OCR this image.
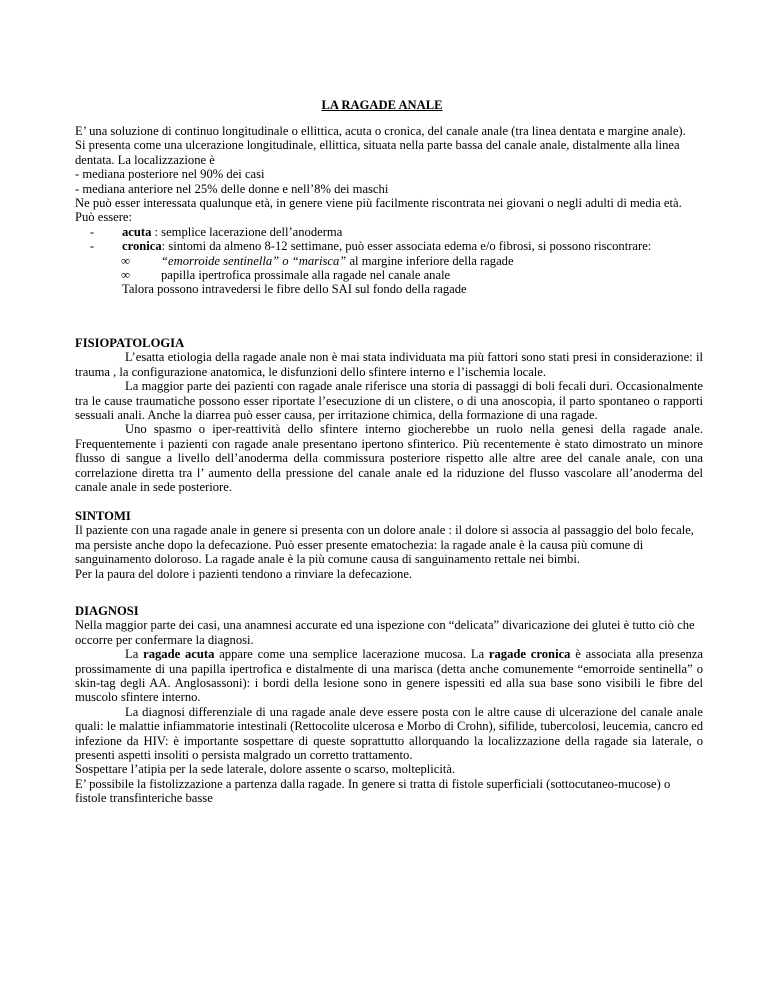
LA RAGADE ANALE

E’ una soluzione di continuo longitudinale o ellittica, acuta o cronica, del canale anale (tra linea dentata e margine anale).

Si presenta come una ulcerazione longitudinale, ellittica, situata nella parte bassa del canale anale, distalmente alla linea dentata. La localizzazione è

- mediana posteriore nel 90% dei casi

- mediana anteriore nel 25% delle donne e nell’8% dei maschi

Ne può esser interessata qualunque età, in genere viene più facilmente riscontrata nei giovani o negli adulti di media età.

Può essere:

- acuta : semplice lacerazione dell’anoderma

- cronica: sintomi da almeno 8-12 settimane, può esser associata edema e/o fibrosi, si possono riscontrare:

∞ “emorroide sentinella” o “marisca” al margine inferiore della ragade

∞ papilla ipertrofica prossimale alla ragade nel canale anale

Talora possono intravedersi le fibre dello SAI sul fondo della ragade

FISIOPATOLOGIA

L’esatta etiologia della ragade anale non è mai stata individuata ma più fattori sono stati presi in considerazione: il trauma , la configurazione anatomica, le disfunzioni dello sfintere interno e l’ischemia locale.

La maggior parte dei pazienti con ragade anale riferisce una storia di passaggi di boli fecali duri. Occasionalmente tra le cause traumatiche possono esser riportate l’esecuzione di un clistere, o di una anoscopia, il parto spontaneo o rapporti sessuali anali. Anche la diarrea può esser causa, per irritazione chimica, della formazione di una ragade.

Uno spasmo o iper-reattività dello sfintere interno giocherebbe un ruolo nella genesi della ragade anale. Frequentemente i pazienti con ragade anale presentano ipertono sfinterico. Più recentemente è stato dimostrato un minore flusso di sangue a livello dell’anoderma della commissura posteriore rispetto alle altre aree del canale anale, con una correlazione diretta tra l’ aumento della pressione del canale anale ed la riduzione del flusso vascolare all’anoderma del canale anale in sede posteriore.

SINTOMI

Il paziente con una ragade anale in genere si presenta con un dolore anale : il dolore si associa al passaggio del bolo fecale, ma persiste anche dopo la defecazione. Può esser presente ematochezia: la ragade anale è la causa più comune di sanguinamento doloroso. La ragade anale è la più comune causa di sanguinamento rettale nei bimbi.

Per la paura del dolore i pazienti tendono a rinviare la defecazione.

DIAGNOSI

Nella maggior parte dei casi, una anamnesi accurate ed una ispezione con “delicata” divaricazione dei glutei è tutto ciò che occorre per confermare la diagnosi.

La ragade acuta appare come una semplice lacerazione mucosa. La ragade cronica è associata alla presenza prossimamente di una papilla ipertrofica e distalmente di una marisca (detta anche comunemente “emorroide sentinella” o skin-tag degli AA. Anglosassoni): i bordi della lesione sono in genere ispessiti ed alla sua base sono visibili le fibre del muscolo sfintere interno.

La diagnosi differenziale di una ragade anale deve essere posta con le altre cause di ulcerazione del canale anale quali: le malattie infiammatorie intestinali (Rettocolite ulcerosa e Morbo di Crohn), sifilide, tubercolosi, leucemia, cancro ed infezione da HIV: è importante sospettare di queste soprattutto allorquando la localizzazione della ragade sia laterale, o presenti aspetti insoliti o persista malgrado un corretto trattamento.

Sospettare l’atipia per la sede laterale, dolore assente o scarso, molteplicità.

E’ possibile la fistolizzazione a partenza dalla ragade. In genere si tratta di fistole superficiali (sottocutaneo-mucose) o fistole transfinteriche basse
